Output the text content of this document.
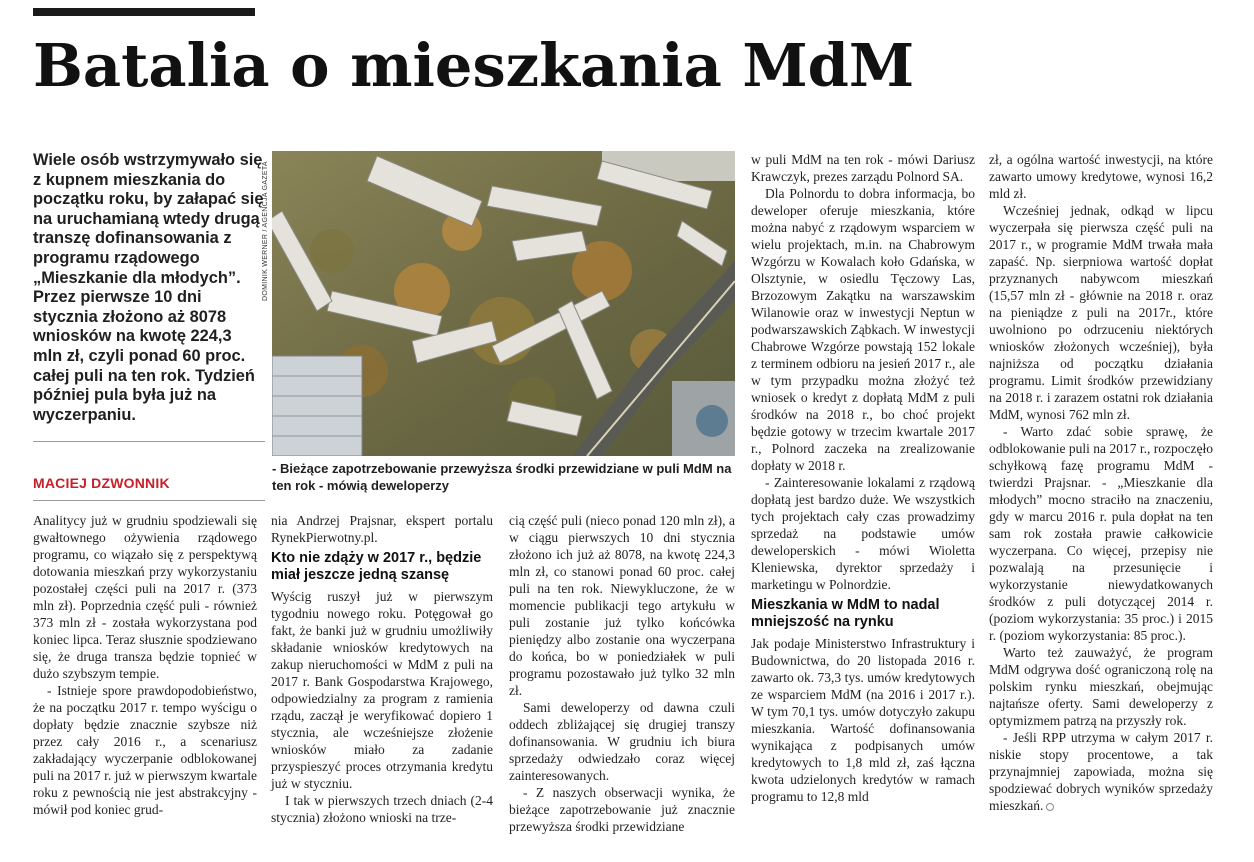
Batalia o mieszkania MdM
Wiele osób wstrzymywało się z kupnem mieszkania do początku roku, by załapać się na uruchamianą wtedy drugą transzę dofinansowania z programu rządowego „Mieszkanie dla młodych”. Przez pierwsze 10 dni stycznia złożono aż 8078 wniosków na kwotę 224,3 mln zł, czyli ponad 60 proc. całej puli na ten rok. Tydzień później pula była już na wyczerpaniu.
MACIEJ DZWONNIK
DOMINIK WERNER / AGENCJA GAZETA
- Bieżące zapotrzebowanie przewyższa środki przewidziane w puli MdM na ten rok - mówią deweloperzy

Analitycy już w grudniu spodziewali się gwałtownego ożywienia rządowego programu, co wiązało się z perspektywą dotowania mieszkań przy wykorzystaniu pozostałej części puli na 2017 r. (373 mln zł). Poprzednia część puli - również 373 mln zł - została wykorzystana pod koniec lipca. Teraz słusznie spodziewano się, że druga transza będzie topnieć w dużo szybszym tempie.

- Istnieje spore prawdopodobieństwo, że na początku 2017 r. tempo wyścigu o dopłaty będzie znacznie szybsze niż przez cały 2016 r., a scenariusz zakładający wyczerpanie odblokowanej puli na 2017 r. już w pierwszym kwartale roku z pewnością nie jest abstrakcyjny - mówił pod koniec grud-

nia Andrzej Prajsnar, ekspert portalu RynekPierwotny.pl.

Kto nie zdąży w 2017 r., będzie miał jeszcze jedną szansę

Wyścig ruszył już w pierwszym tygodniu nowego roku. Potęgował go fakt, że banki już w grudniu umożliwiły składanie wniosków kredytowych na zakup nieruchomości w MdM z puli na 2017 r. Bank Gospodarstwa Krajowego, odpowiedzialny za program z ramienia rządu, zaczął je weryfikować dopiero 1 stycznia, ale wcześniejsze złożenie wniosków miało za zadanie przyspieszyć proces otrzymania kredytu już w styczniu.

I tak w pierwszych trzech dniach (2-4 stycznia) złożono wnioski na trze-

cią część puli (nieco ponad 120 mln zł), a w ciągu pierwszych 10 dni stycznia złożono ich już aż 8078, na kwotę 224,3 mln zł, co stanowi ponad 60 proc. całej puli na ten rok. Niewykluczone, że w momencie publikacji tego artykułu w puli zostanie już tylko końcówka pieniędzy albo zostanie ona wyczerpana do końca, bo w poniedziałek w puli programu pozostawało już tylko 32 mln zł.

Sami deweloperzy od dawna czuli oddech zbliżającej się drugiej transzy dofinansowania. W grudniu ich biura sprzedaży odwiedzało coraz więcej zainteresowanych.

- Z naszych obserwacji wynika, że bieżące zapotrzebowanie już znacznie przewyższa środki przewidziane

w puli MdM na ten rok - mówi Dariusz Krawczyk, prezes zarządu Polnord SA.

Dla Polnordu to dobra informacja, bo deweloper oferuje mieszkania, które można nabyć z rządowym wsparciem w wielu projektach, m.in. na Chabrowym Wzgórzu w Kowalach koło Gdańska, w Olsztynie, w osiedlu Tęczowy Las, Brzozowym Zakątku na warszawskim Wilanowie oraz w inwestycji Neptun w podwarszawskich Ząbkach. W inwestycji Chabrowe Wzgórze powstają 152 lokale z terminem odbioru na jesień 2017 r., ale w tym przypadku można złożyć też wniosek o kredyt z dopłatą MdM z puli środków na 2018 r., bo choć projekt będzie gotowy w trzecim kwartale 2017 r., Polnord zaczeka na zrealizowanie dopłaty w 2018 r.

- Zainteresowanie lokalami z rządową dopłatą jest bardzo duże. We wszystkich tych projektach cały czas prowadzimy sprzedaż na podstawie umów deweloperskich - mówi Wioletta Kleniewska, dyrektor sprzedaży i marketingu w Polnordzie.

Mieszkania w MdM to nadal mniejszość na rynku

Jak podaje Ministerstwo Infrastruktury i Budownictwa, do 20 listopada 2016 r. zawarto ok. 73,3 tys. umów kredytowych ze wsparciem MdM (na 2016 i 2017 r.). W tym 70,1 tys. umów dotyczyło zakupu mieszkania. Wartość dofinansowania wynikająca z podpisanych umów kredytowych to 1,8 mld zł, zaś łączna kwota udzielonych kredytów w ramach programu to 12,8 mld

zł, a ogólna wartość inwestycji, na które zawarto umowy kredytowe, wynosi 16,2 mld zł.

Wcześniej jednak, odkąd w lipcu wyczerpała się pierwsza część puli na 2017 r., w programie MdM trwała mała zapaść. Np. sierpniowa wartość dopłat przyznanych nabywcom mieszkań (15,57 mln zł - głównie na 2018 r. oraz na pieniądze z puli na 2017r., które uwolniono po odrzuceniu niektórych wniosków złożonych wcześniej), była najniższa od początku działania programu. Limit środków przewidziany na 2018 r. i zarazem ostatni rok działania MdM, wynosi 762 mln zł.

- Warto zdać sobie sprawę, że odblokowanie puli na 2017 r., rozpoczęło schyłkową fazę programu MdM - twierdzi Prajsnar. - „Mieszkanie dla młodych” mocno straciło na znaczeniu, gdy w marcu 2016 r. pula dopłat na ten sam rok została prawie całkowicie wyczerpana. Co więcej, przepisy nie pozwalają na przesunięcie i wykorzystanie niewydatkowanych środków z puli dotyczącej 2014 r. (poziom wykorzystania: 35 proc.) i 2015 r. (poziom wykorzystania: 85 proc.).

Warto też zauważyć, że program MdM odgrywa dość ograniczoną rolę na polskim rynku mieszkań, obejmując najtańsze oferty. Sami deweloperzy z optymizmem patrzą na przyszły rok.

- Jeśli RPP utrzyma w całym 2017 r. niskie stopy procentowe, a tak przynajmniej zapowiada, można się spodziewać dobrych wyników sprzedaży mieszkań.
